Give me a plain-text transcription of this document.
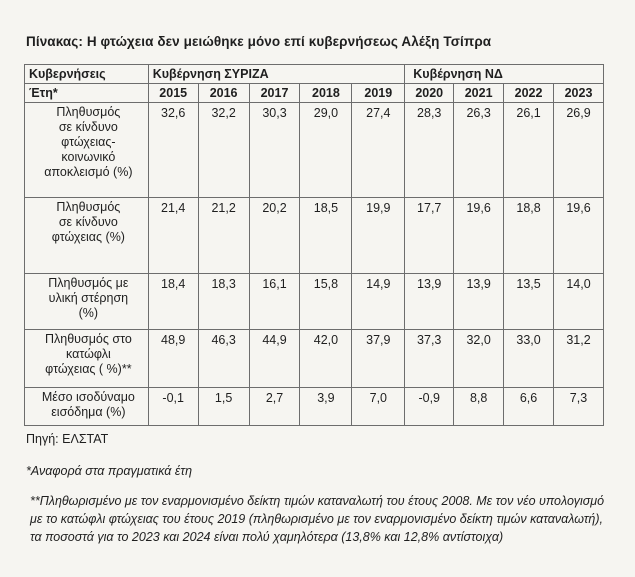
Πίνακας: Η φτώχεια δεν μειώθηκε μόνο επί κυβερνήσεως Αλέξη Τσίπρα
Κυβερνήσεις	Κυβέρνηση ΣΥΡΙΖΑ					Κυβέρνηση ΝΔ			
Έτη*	2015	2016	2017	2018	2019	2020	2021	2022	2023
Πληθυσμός
σε κίνδυνο
φτώχειας-
κοινωνικό
αποκλεισμό (%)	32,6	32,2	30,3	29,0	27,4	28,3	26,3	26,1	26,9
Πληθυσμός
σε κίνδυνο
φτώχειας (%)	21,4	21,2	20,2	18,5	19,9	17,7	19,6	18,8	19,6
Πληθυσμός με
υλική στέρηση
(%)	18,4	18,3	16,1	15,8	14,9	13,9	13,9	13,5	14,0
Πληθυσμός στο
κατώφλι
φτώχειας ( %)**	48,9	46,3	44,9	42,0	37,9	37,3	32,0	33,0	31,2
Μέσο ισοδύναμο
εισόδημα (%)	-0,1	1,5	2,7	3,9	7,0	-0,9	8,8	6,6	7,3
Πηγή: ΕΛΣΤΑΤ
*Αναφορά στα πραγματικά έτη
**Πληθωρισμένο με τον εναρμονισμένο δείκτη τιμών καταναλωτή του έτους 2008. Με τον νέο υπολογισμό με το κατώφλι φτώχειας του έτους 2019 (πληθωρισμένο με τον εναρμονισμένο δείκτη τιμών καταναλωτή), τα ποσοστά για το 2023 και 2024 είναι πολύ χαμηλότερα (13,8% και 12,8% αντίστοιχα)
